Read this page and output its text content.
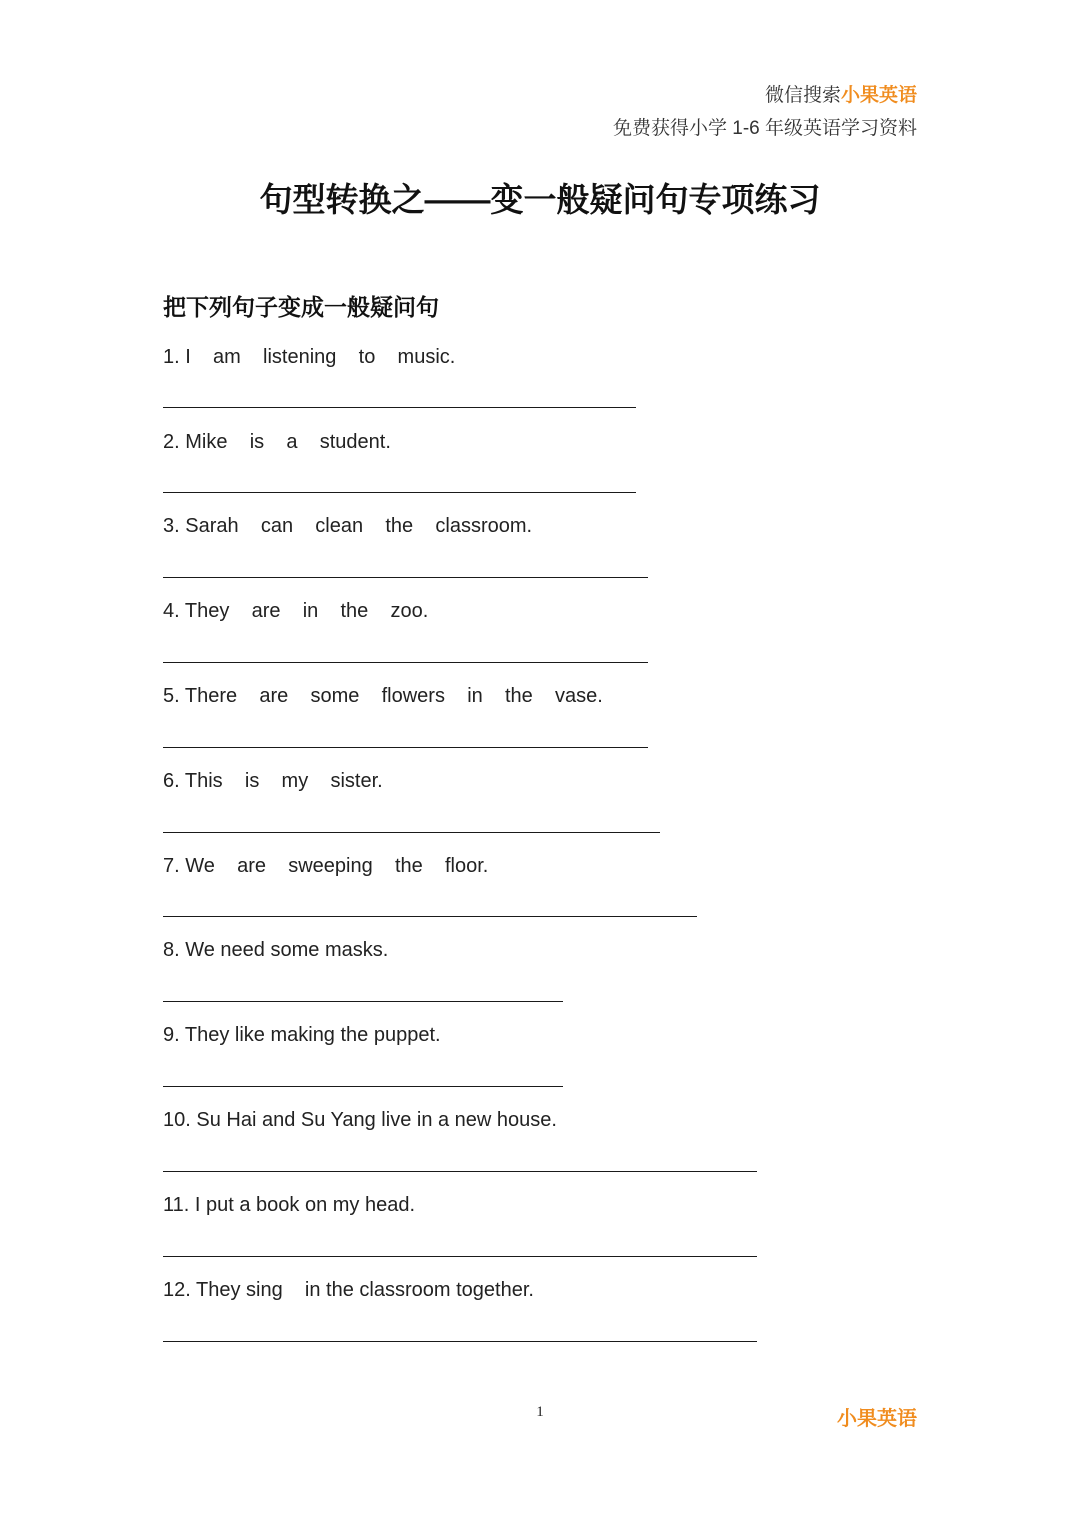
微信搜索小果英语
免费获得小学 1-6 年级英语学习资料
句型转换之——变一般疑问句专项练习
把下列句子变成一般疑问句
1. I    am    listening    to    music.
2. Mike    is    a    student.
3. Sarah    can    clean    the    classroom.
4. They    are    in    the    zoo.
5. There    are    some    flowers    in    the    vase.
6. This    is    my    sister.
7. We    are    sweeping    the    floor.
8. We need some masks.
9. They like making the puppet.
10. Su Hai and Su Yang live in a new house.
11. I put a book on my head.
12. They sing    in the classroom together.
1	小果英语
